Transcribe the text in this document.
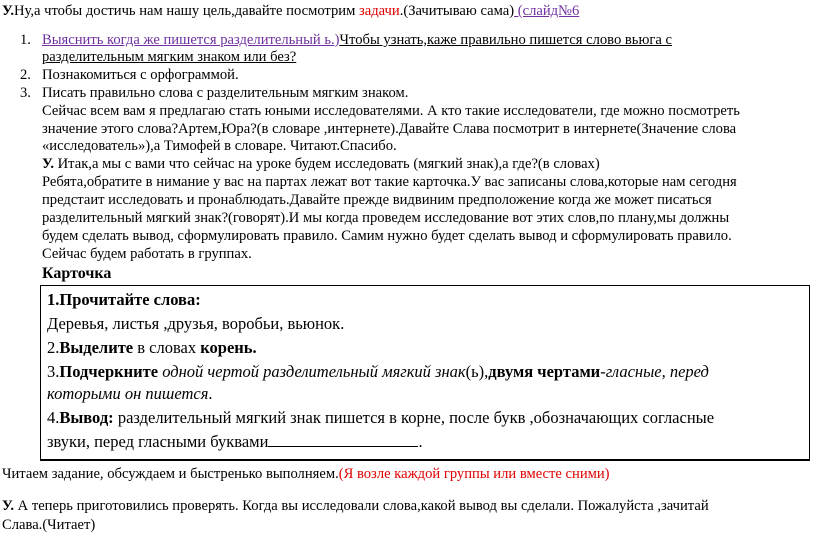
У.Ну,а чтобы достичь нам нашу цель,давайте посмотрим задачи.(Зачитываю сама) (слайд№6
1. Выяснить когда же пишется разделительный ь.)Чтобы узнать,каже правильно пишется слово вьюга с
разделительным мягким знаком или без?
2. Познакомиться с орфограммой.
3. Писать правильно слова с разделительным мягким знаком.
Сейчас всем вам я предлагаю стать юными исследователями. А кто такие исследователи, где можно посмотреть
значение этого слова?Артем,Юра?(в словаре ,интернете).Давайте Слава посмотрит в интернете(Значение слова
«исследователь»),а Тимофей в словаре. Читают.Спасибо.
У. Итак,а мы с вами что сейчас на уроке будем исследовать (мягкий знак),а где?(в словах)
Ребята,обратите в нимание у вас на партах лежат вот такие карточка.У вас записаны слова,которые нам сегодня
предстаит исследовать и пронаблюдать.Давайте прежде видвиним предположение когда же может писаться
разделительный мягкий знак?(говорят).И мы когда проведем исследование вот этих слов,по плану,мы должны
будем сделать вывод, сформулировать правило. Самим нужно будет сделать вывод и сформулировать правило.
Сейчас будем работать в группах.
Карточка
1.Прочитайте слова:
Деревья, листья ,друзья, воробьи, вьюнок.
2.Выделите в словах корень.
3.Подчеркните одной чертой разделительный мягкий знак(ь),двумя чертами-гласные, перед
которыми он пишется.
4.Вывод: разделительный мягкий знак пишется в корне, после букв ,обозначающих согласные
звуки, перед гласными буквами	.
Читаем задание, обсуждаем и быстренько выполняем.(Я возле каждой группы или вместе сними)
У. А теперь приготовились проверять. Когда вы исследовали слова,какой вывод вы сделали. Пожалуйста ,зачитай
Слава.(Читает)
